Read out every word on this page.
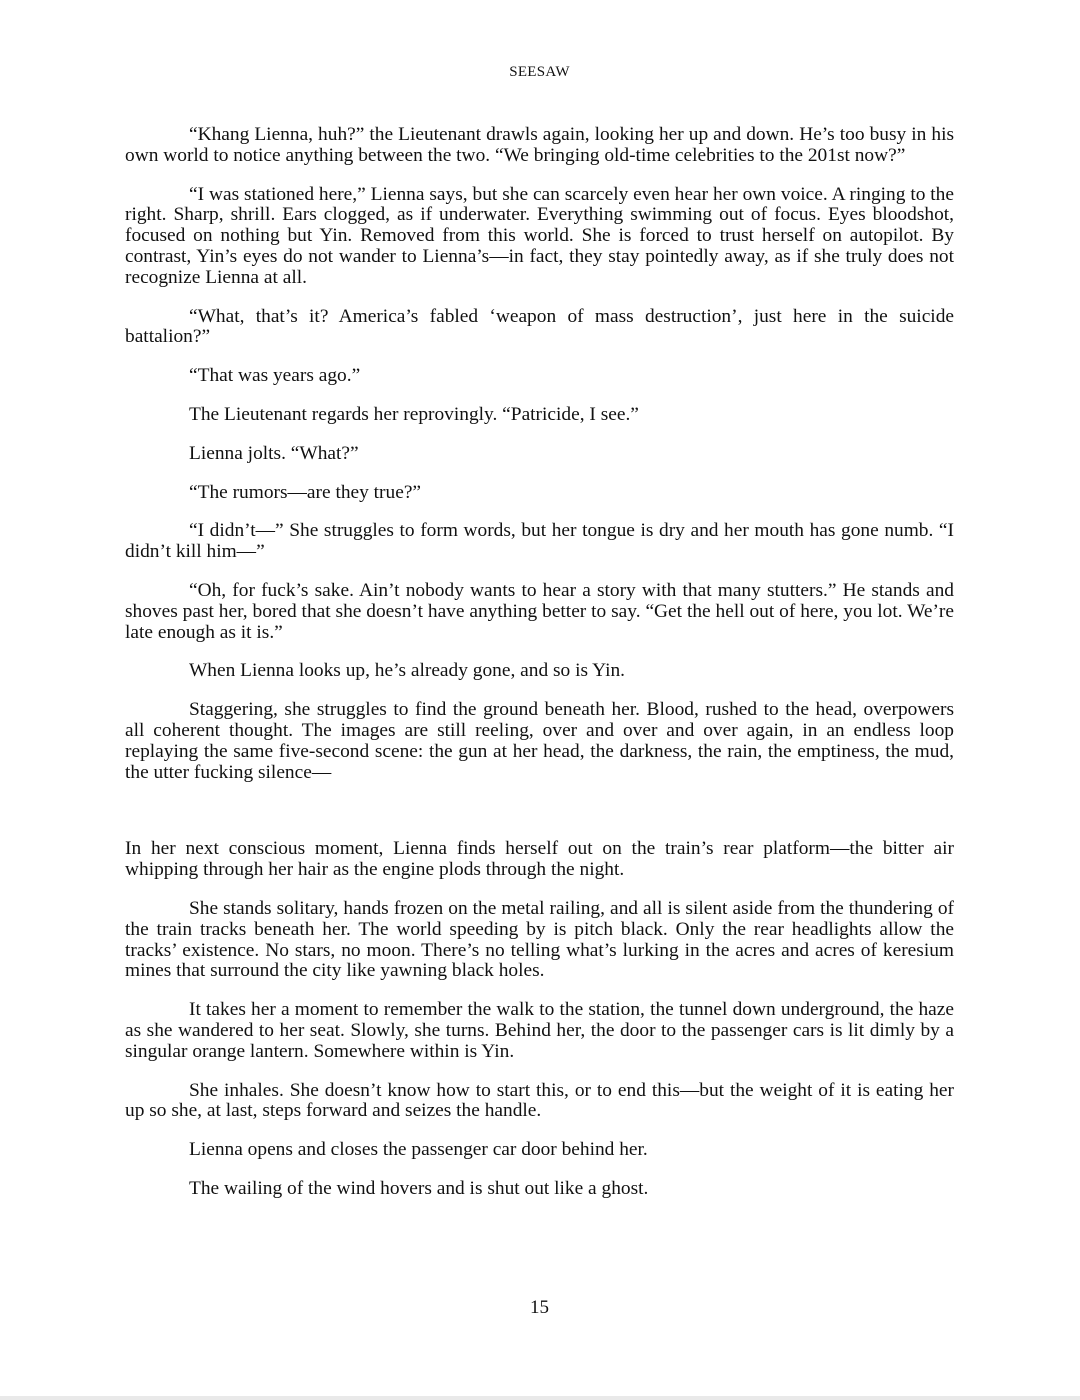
SEESAW

“Khang Lienna, huh?” the Lieutenant drawls again, looking her up and down. He’s too busy in his own world to notice anything between the two. “We bringing old-time celebrities to the 201st now?”

“I was stationed here,” Lienna says, but she can scarcely even hear her own voice. A ringing to the right. Sharp, shrill. Ears clogged, as if underwater. Everything swimming out of focus. Eyes bloodshot, focused on nothing but Yin. Removed from this world. She is forced to trust herself on autopilot. By contrast, Yin’s eyes do not wander to Lienna’s—in fact, they stay pointedly away, as if she truly does not recognize Lienna at all.

“What, that’s it? America’s fabled ‘weapon of mass destruction’, just here in the suicide battalion?”

“That was years ago.”

The Lieutenant regards her reprovingly. “Patricide, I see.”

Lienna jolts. “What?”

“The rumors—are they true?”

“I didn’t—” She struggles to form words, but her tongue is dry and her mouth has gone numb. “I didn’t kill him—”

“Oh, for fuck’s sake. Ain’t nobody wants to hear a story with that many stutters.” He stands and shoves past her, bored that she doesn’t have anything better to say. “Get the hell out of here, you lot. We’re late enough as it is.”

When Lienna looks up, he’s already gone, and so is Yin.

Staggering, she struggles to find the ground beneath her. Blood, rushed to the head, overpowers all coherent thought. The images are still reeling, over and over and over again, in an endless loop replaying the same five-second scene: the gun at her head, the darkness, the rain, the emptiness, the mud, the utter fucking silence—

In her next conscious moment, Lienna finds herself out on the train’s rear platform—the bitter air whipping through her hair as the engine plods through the night.

She stands solitary, hands frozen on the metal railing, and all is silent aside from the thundering of the train tracks beneath her. The world speeding by is pitch black. Only the rear headlights allow the tracks’ existence. No stars, no moon. There’s no telling what’s lurking in the acres and acres of keresium mines that surround the city like yawning black holes.

It takes her a moment to remember the walk to the station, the tunnel down underground, the haze as she wandered to her seat. Slowly, she turns. Behind her, the door to the passenger cars is lit dimly by a singular orange lantern. Somewhere within is Yin.

She inhales. She doesn’t know how to start this, or to end this—but the weight of it is eating her up so she, at last, steps forward and seizes the handle.

Lienna opens and closes the passenger car door behind her.

The wailing of the wind hovers and is shut out like a ghost.

15
